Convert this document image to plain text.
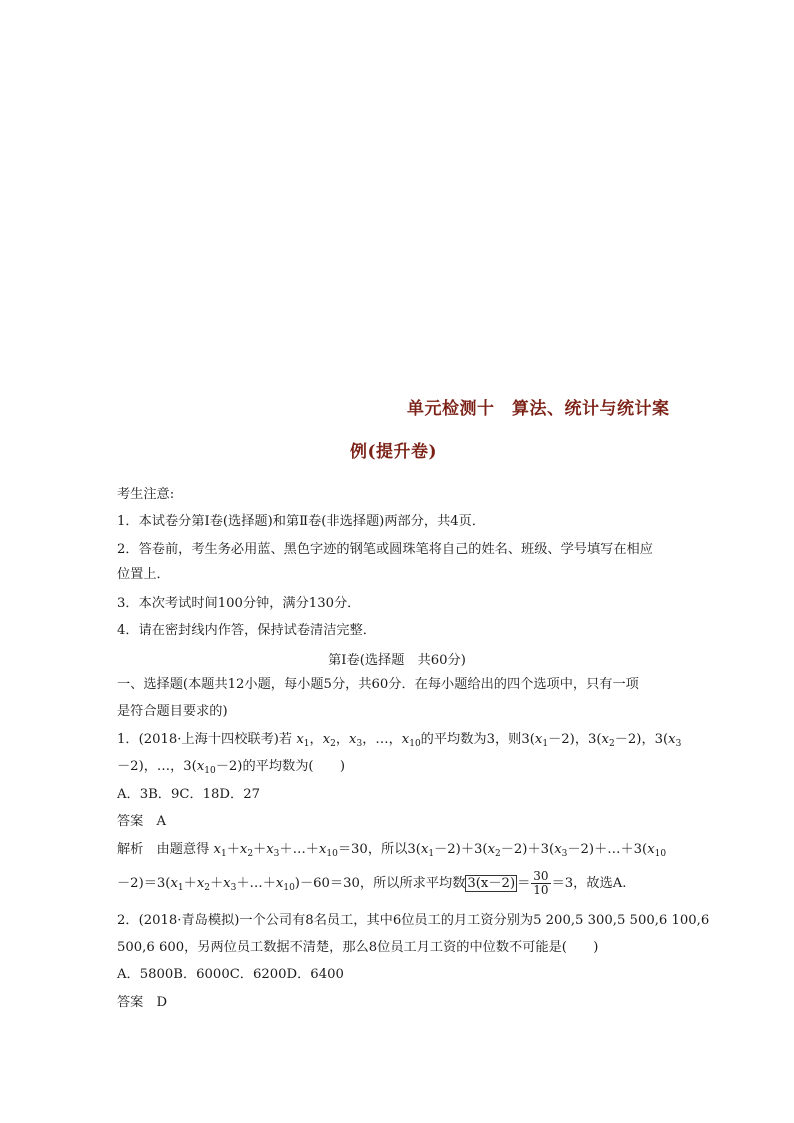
单元检测十　算法、统计与统计案
例(提升卷)
考生注意:
1．本试卷分第Ⅰ卷(选择题)和第Ⅱ卷(非选择题)两部分，共4页．
2．答卷前，考生务必用蓝、黑色字迹的钢笔或圆珠笔将自己的姓名、班级、学号填写在相应
位置上．
3．本次考试时间100分钟，满分130分．
4．请在密封线内作答，保持试卷清洁完整．
第Ⅰ卷(选择题　共60分)
一、选择题(本题共12小题，每小题5分，共60分．在每小题给出的四个选项中，只有一项
是符合题目要求的)
1．(2018·上海十四校联考)若 $x_1$，$x_2$，$x_3$，…，$x_{10}$的平均数为3，则$3(x_1-2)$，$3(x_2-2)$，$3(x_3$
－2)，…，$3(x_{10}-2)$的平均数为(　　)
A．3B．9C．18D．27
答案　A
解析　由题意得 $x_1+x_2+x_3+\dots+x_{10}=30$，所以$3(x_1-2)+3(x_2-2)+3(x_3-2)+\dots+3(x_{10}$
$-2)=3(x_1+x_2+x_3+\dots+x_{10})-60=30$，所以所求平均数 $3(x-2) = \frac{30}{10} =3$，故选A.
2．(2018·青岛模拟)一个公司有8名员工，其中6位员工的月工资分别为5 200,5 300,5 500,6 100,6
500,6 600，另两位员工数据不清楚，那么8位员工月工资的中位数不可能是(　　)
A．5800B．6000C．6200D．6400
答案　D
